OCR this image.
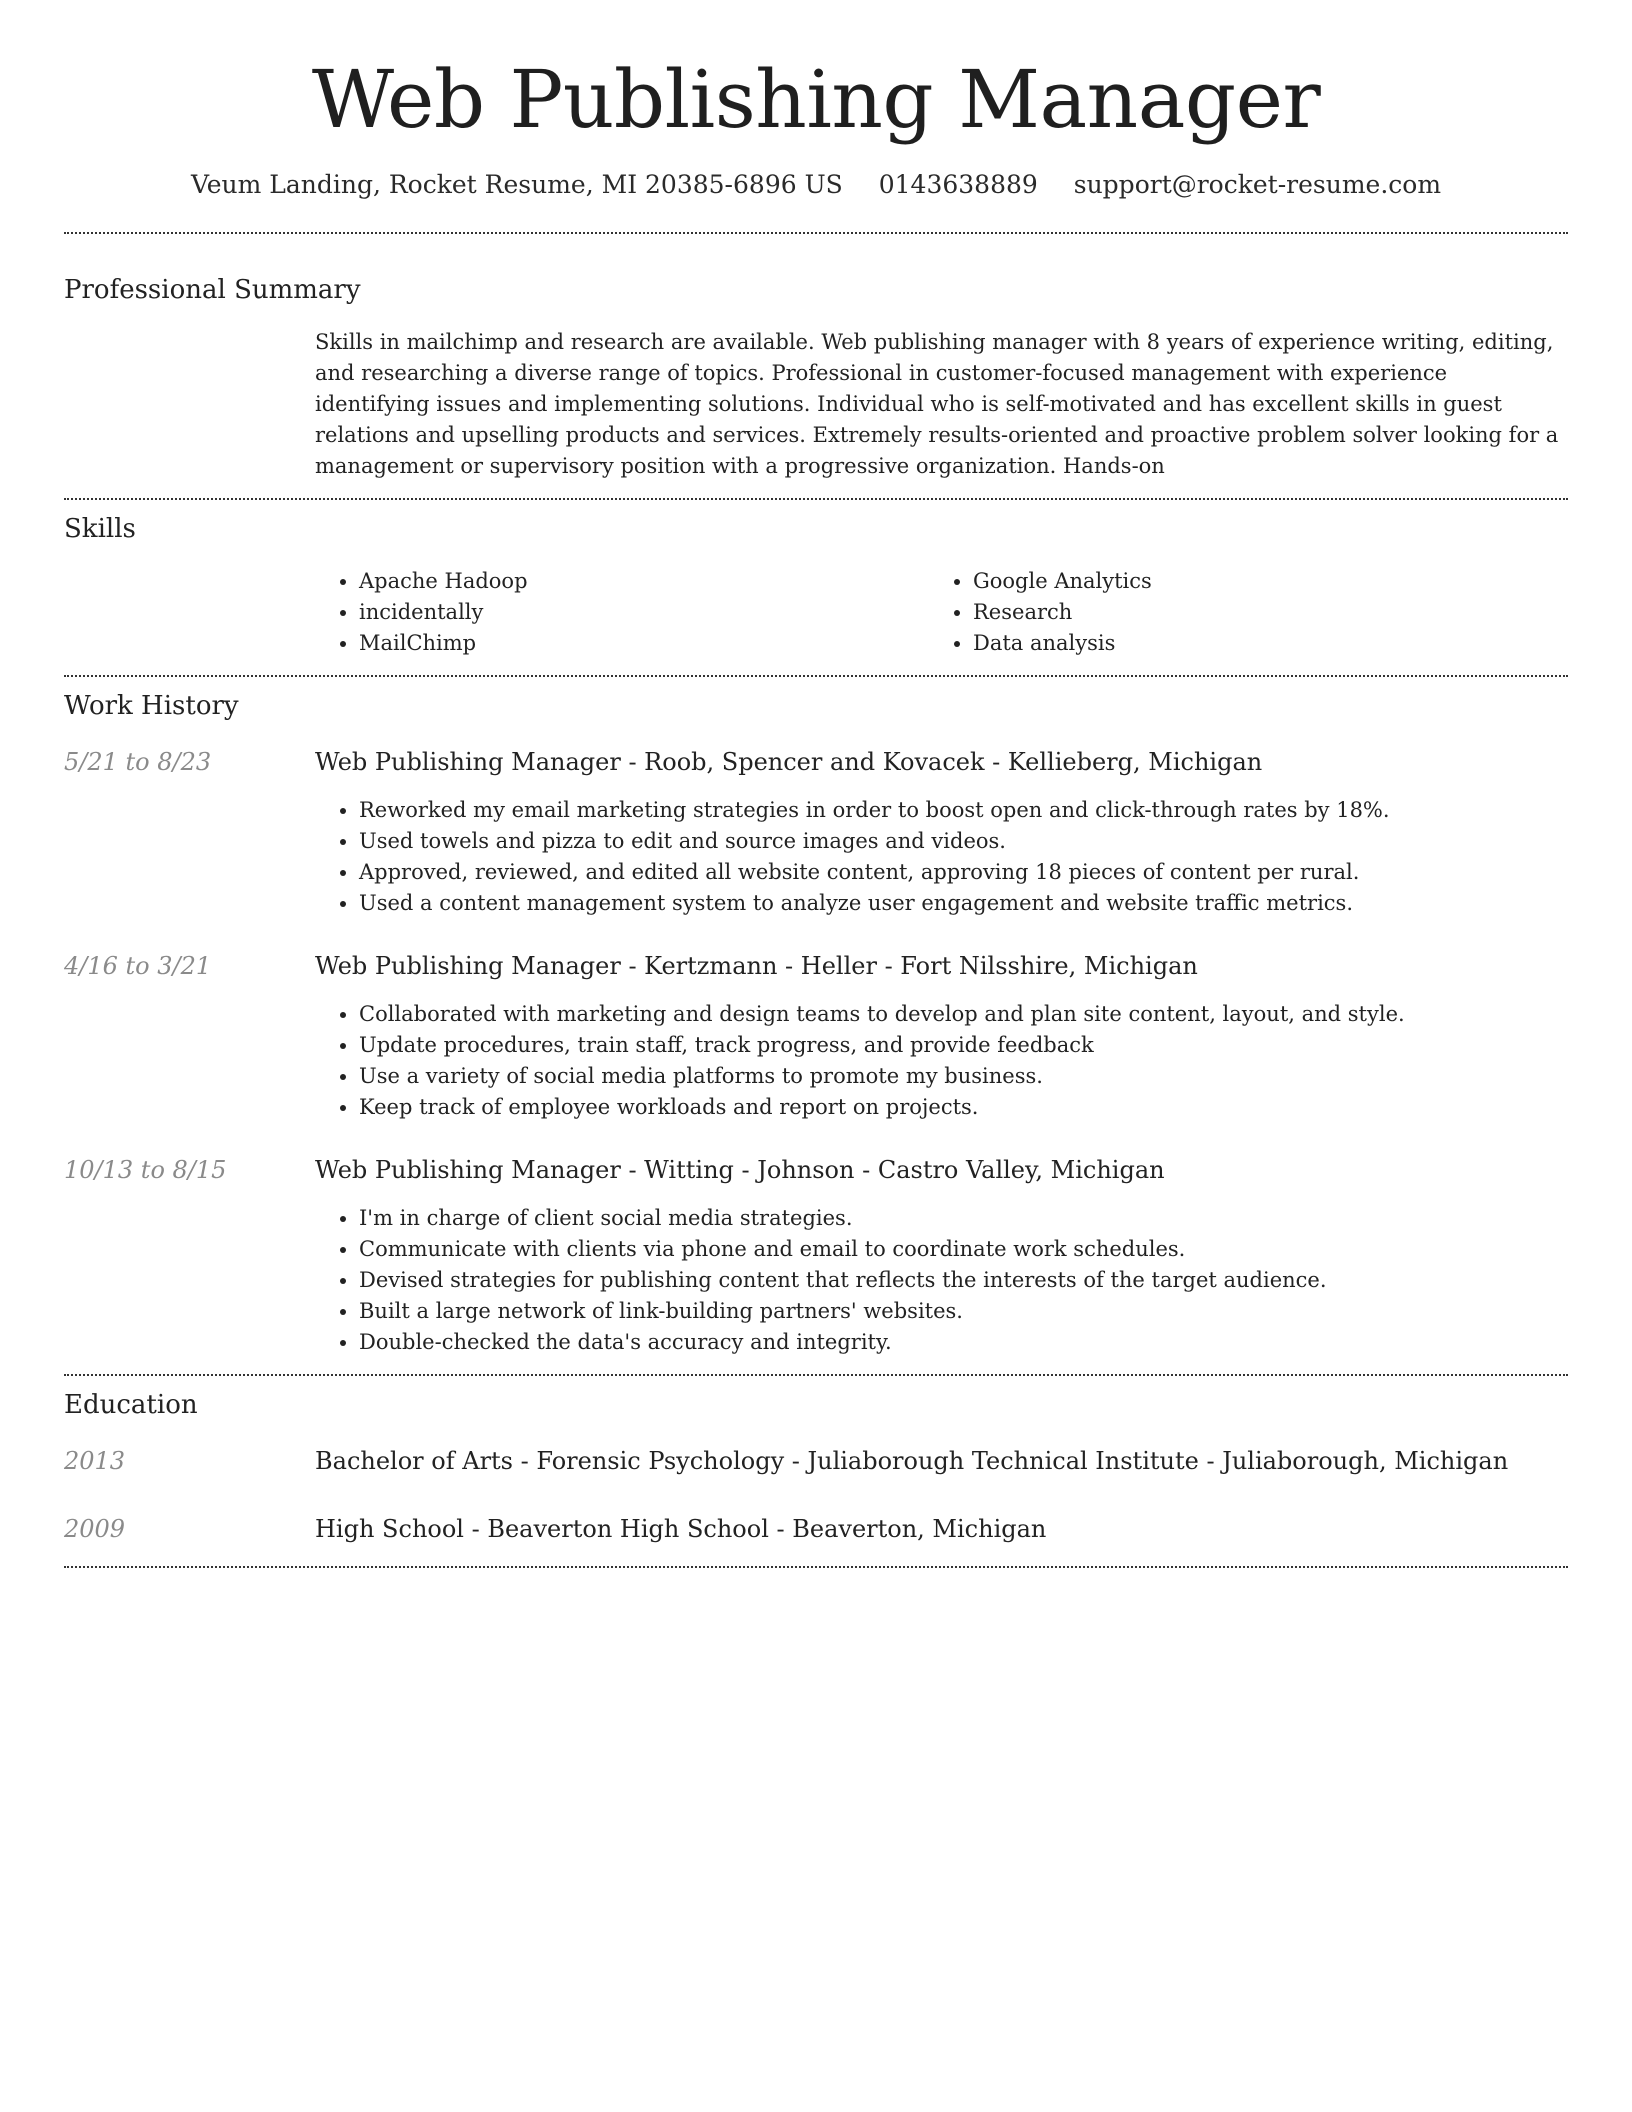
Web Publishing Manager
Veum Landing, Rocket Resume, MI 20385-6896 US 0143638889 support@rocket-resume.com
Professional Summary

Skills in mailchimp and research are available. Web publishing manager with 8 years of experience writing, editing, and researching a diverse range of topics. Professional in customer-focused management with experience identifying issues and implementing solutions. Individual who is self-motivated and has excellent skills in guest relations and upselling products and services. Extremely results-oriented and proactive problem solver looking for a management or supervisory position with a progressive organization. Hands-on

Skills
• Apache Hadoop
• incidentally
• MailChimp
• Google Analytics
• Research
• Data analysis
Work History
5/21 to 8/23	Web Publishing Manager - Roob, Spencer and Kovacek - Kellieberg, Michigan

• Reworked my email marketing strategies in order to boost open and click-through rates by 18%.
• Used towels and pizza to edit and source images and videos.
• Approved, reviewed, and edited all website content, approving 18 pieces of content per rural.
• Used a content management system to analyze user engagement and website traffic metrics.
4/16 to 3/21	Web Publishing Manager - Kertzmann - Heller - Fort Nilsshire, Michigan

• Collaborated with marketing and design teams to develop and plan site content, layout, and style.
• Update procedures, train staff, track progress, and provide feedback
• Use a variety of social media platforms to promote my business.
• Keep track of employee workloads and report on projects.
10/13 to 8/15	Web Publishing Manager - Witting - Johnson - Castro Valley, Michigan

• I'm in charge of client social media strategies.
• Communicate with clients via phone and email to coordinate work schedules.
• Devised strategies for publishing content that reflects the interests of the target audience.
• Built a large network of link-building partners' websites.
• Double-checked the data's accuracy and integrity.
Education
2013	Bachelor of Arts - Forensic Psychology - Juliaborough Technical Institute - Juliaborough, Michigan

2009	High School - Beaverton High School - Beaverton, Michigan
